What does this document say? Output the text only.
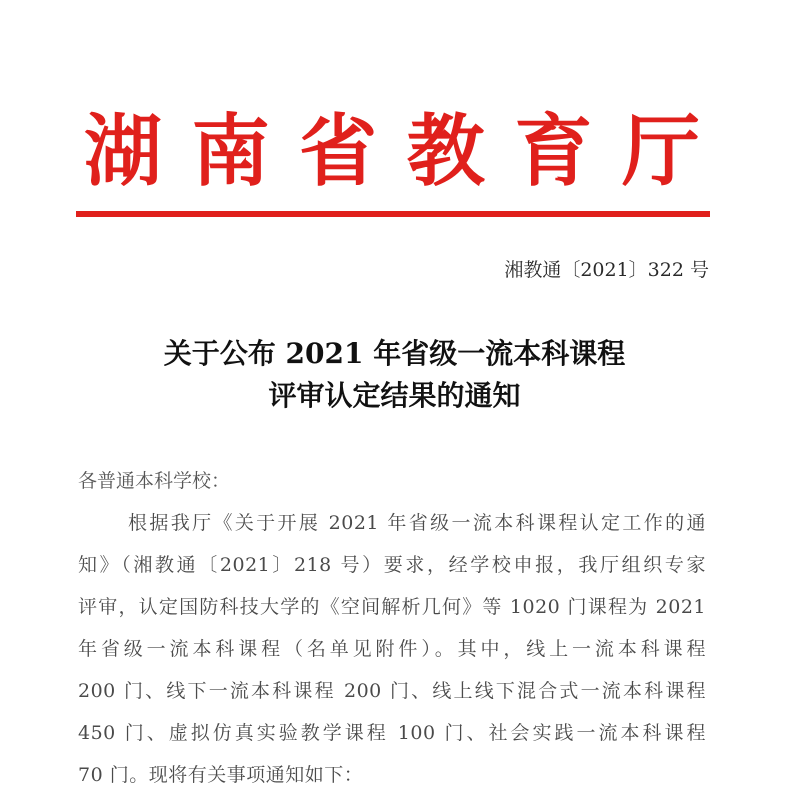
湖 南 省 教 育 厅
湘教通〔2021〕322 号
关于公布 2021 年省级一流本科课程
评审认定结果的通知
各普通本科学校：
根据我厅《关于开展 2021 年省级一流本科课程认定工作的通
知》（湘教通〔2021〕218 号）要求，经学校申报，我厅组织专家
评审，认定国防科技大学的《空间解析几何》等 1020 门课程为 2021
年省级一流本科课程（名单见附件）。其中，线上一流本科课程
200 门、线下一流本科课程 200 门、线上线下混合式一流本科课程
450 门、虚拟仿真实验教学课程 100 门、社会实践一流本科课程
70 门。现将有关事项通知如下：
